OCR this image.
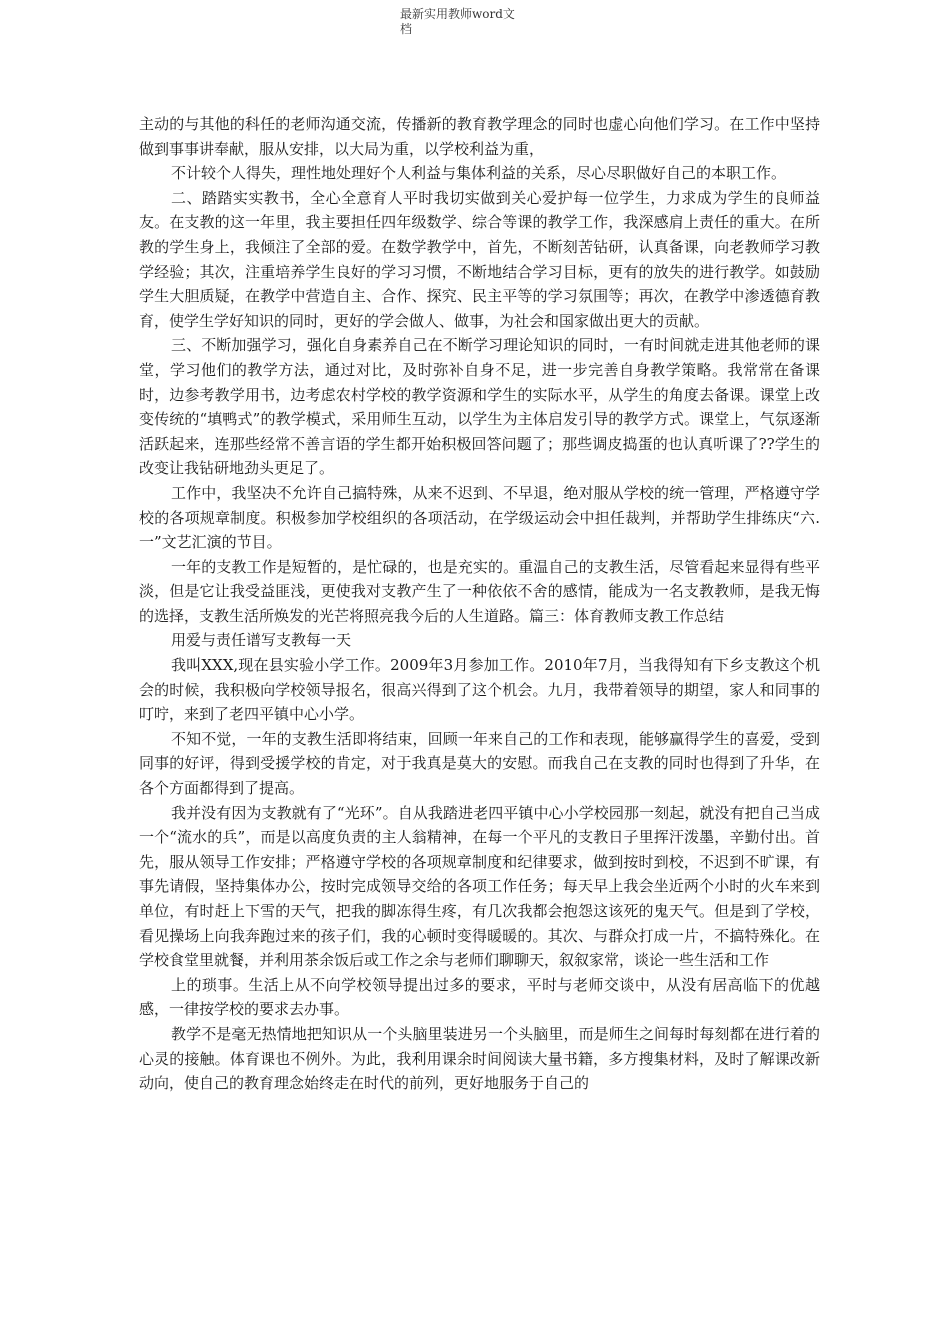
最新实用教师word文
档

主动的与其他的科任的老师沟通交流，传播新的教育教学理念的同时也虚心向他们学习。在工作中坚持做到事事讲奉献，服从安排，以大局为重，以学校利益为重，

不计较个人得失，理性地处理好个人利益与集体利益的关系，尽心尽职做好自己的本职工作。

二、踏踏实实教书，全心全意育人平时我切实做到关心爱护每一位学生，力求成为学生的良师益友。在支教的这一年里，我主要担任四年级数学、综合等课的教学工作，我深感肩上责任的重大。在所教的学生身上，我倾注了全部的爱。在数学教学中，首先，不断刻苦钻研，认真备课，向老教师学习教学经验；其次，注重培养学生良好的学习习惯，不断地结合学习目标，更有的放失的进行教学。如鼓励学生大胆质疑，在教学中营造自主、合作、探究、民主平等的学习氛围等；再次，在教学中渗透德育教育，使学生学好知识的同时，更好的学会做人、做事，为社会和国家做出更大的贡献。

三、不断加强学习，强化自身素养自己在不断学习理论知识的同时，一有时间就走进其他老师的课堂，学习他们的教学方法，通过对比，及时弥补自身不足，进一步完善自身教学策略。我常常在备课时，边参考教学用书，边考虑农村学校的教学资源和学生的实际水平，从学生的角度去备课。课堂上改变传统的“填鸭式”的教学模式，采用师生互动，以学生为主体启发引导的教学方式。课堂上，气氛逐渐活跃起来，连那些经常不善言语的学生都开始积极回答问题了；那些调皮捣蛋的也认真听课了??学生的改变让我钻研地劲头更足了。

工作中，我坚决不允许自己搞特殊，从来不迟到、不早退，绝对服从学校的统一管理，严格遵守学校的各项规章制度。积极参加学校组织的各项活动，在学级运动会中担任裁判，并帮助学生排练庆“六.一”文艺汇演的节目。

一年的支教工作是短暂的，是忙碌的，也是充实的。重温自己的支教生活，尽管看起来显得有些平淡，但是它让我受益匪浅，更使我对支教产生了一种依依不舍的感情，能成为一名支教教师，是我无悔的选择，支教生活所焕发的光芒将照亮我今后的人生道路。篇三：体育教师支教工作总结

用爱与责任谱写支教每一天

我叫XXX,现在县实验小学工作。2009年3月参加工作。2010年7月，当我得知有下乡支教这个机会的时候，我积极向学校领导报名，很高兴得到了这个机会。九月，我带着领导的期望，家人和同事的叮咛，来到了老四平镇中心小学。

不知不觉，一年的支教生活即将结束，回顾一年来自己的工作和表现，能够赢得学生的喜爱，受到同事的好评，得到受援学校的肯定，对于我真是莫大的安慰。而我自己在支教的同时也得到了升华，在各个方面都得到了提高。

我并没有因为支教就有了“光环”。自从我踏进老四平镇中心小学校园那一刻起，就没有把自己当成一个“流水的兵”，而是以高度负责的主人翁精神，在每一个平凡的支教日子里挥汗泼墨，辛勤付出。首先，服从领导工作安排；严格遵守学校的各项规章制度和纪律要求，做到按时到校，不迟到不旷课，有事先请假，坚持集体办公，按时完成领导交给的各项工作任务；每天早上我会坐近两个小时的火车来到单位，有时赶上下雪的天气，把我的脚冻得生疼，有几次我都会抱怨这该死的鬼天气。但是到了学校，看见操场上向我奔跑过来的孩子们，我的心顿时变得暖暖的。其次、与群众打成一片，不搞特殊化。在学校食堂里就餐，并利用茶余饭后或工作之余与老师们聊聊天，叙叙家常，谈论一些生活和工作

上的琐事。生活上从不向学校领导提出过多的要求，平时与老师交谈中，从没有居高临下的优越感，一律按学校的要求去办事。

教学不是毫无热情地把知识从一个头脑里装进另一个头脑里，而是师生之间每时每刻都在进行着的心灵的接触。体育课也不例外。为此，我利用课余时间阅读大量书籍，多方搜集材料，及时了解课改新动向，使自己的教育理念始终走在时代的前列，更好地服务于自己的
